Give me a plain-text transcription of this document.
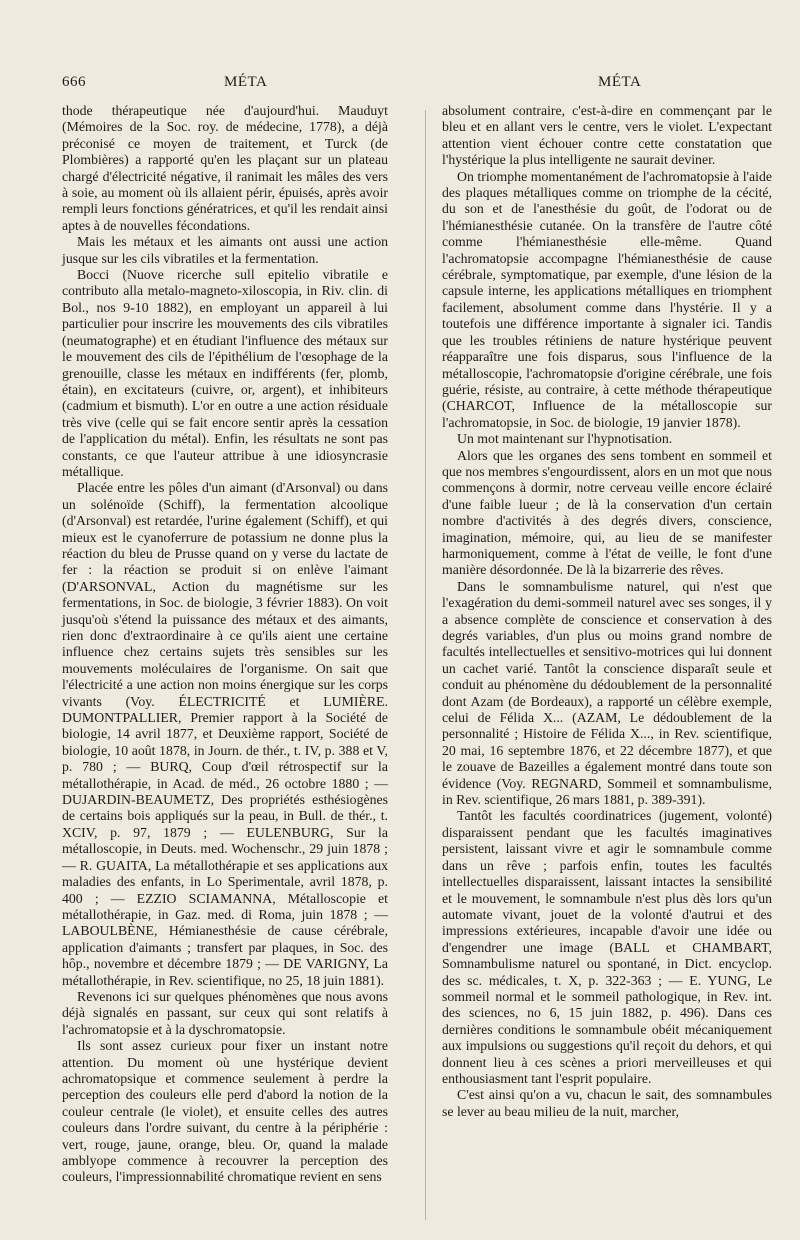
666	MÉTA	MÉTA

thode thérapeutique née d'aujourd'hui. Mauduyt (Mémoires de la Soc. roy. de médecine, 1778), a déjà préconisé ce moyen de traitement, et Turck (de Plombières) a rapporté qu'en les plaçant sur un plateau chargé d'électricité négative, il ranimait les mâles des vers à soie, au moment où ils allaient périr, épuisés, après avoir rempli leurs fonctions génératrices, et qu'il les rendait ainsi aptes à de nouvelles fécondations.

Mais les métaux et les aimants ont aussi une action jusque sur les cils vibratiles et la fermentation.

Bocci (Nuove ricerche sull epitelio vibratile e contributo alla metalo-magneto-xiloscopia, in Riv. clin. di Bol., nos 9-10 1882), en employant un appareil à lui particulier pour inscrire les mouvements des cils vibratiles (neumatographe) et en étudiant l'influence des métaux sur le mouvement des cils de l'épithélium de l'œsophage de la grenouille, classe les métaux en indifférents (fer, plomb, étain), en excitateurs (cuivre, or, argent), et inhibiteurs (cadmium et bismuth). L'or en outre a une action résiduale très vive (celle qui se fait encore sentir après la cessation de l'application du métal). Enfin, les résultats ne sont pas constants, ce que l'auteur attribue à une idiosyncrasie métallique.

Placée entre les pôles d'un aimant (d'Arsonval) ou dans un solénoïde (Schiff), la fermentation alcoolique (d'Arsonval) est retardée, l'urine également (Schiff), et qui mieux est le cyanoferrure de potassium ne donne plus la réaction du bleu de Prusse quand on y verse du lactate de fer : la réaction se produit si on enlève l'aimant (D'ARSONVAL, Action du magnétisme sur les fermentations, in Soc. de biologie, 3 février 1883). On voit jusqu'où s'étend la puissance des métaux et des aimants, rien donc d'extraordinaire à ce qu'ils aient une certaine influence chez certains sujets très sensibles sur les mouvements moléculaires de l'organisme. On sait que l'électricité a une action non moins énergique sur les corps vivants (Voy. ÉLECTRICITÉ et LUMIÈRE. DUMONTPALLIER, Premier rapport à la Société de biologie, 14 avril 1877, et Deuxième rapport, Société de biologie, 10 août 1878, in Journ. de thér., t. IV, p. 388 et V, p. 780 ; — BURQ, Coup d'œil rétrospectif sur la métallothérapie, in Acad. de méd., 26 octobre 1880 ; — DUJARDIN-BEAUMETZ, Des propriétés esthésiogènes de certains bois appliqués sur la peau, in Bull. de thér., t. XCIV, p. 97, 1879 ; — EULENBURG, Sur la métalloscopie, in Deuts. med. Wochenschr., 29 juin 1878 ; — R. GUAITA, La métallothérapie et ses applications aux maladies des enfants, in Lo Sperimentale, avril 1878, p. 400 ; — EZZIO SCIAMANNA, Métalloscopie et métallothérapie, in Gaz. med. di Roma, juin 1878 ; — LABOULBÈNE, Hémianesthésie de cause cérébrale, application d'aimants ; transfert par plaques, in Soc. des hôp., novembre et décembre 1879 ; — DE VARIGNY, La métallothérapie, in Rev. scientifique, no 25, 18 juin 1881).

Revenons ici sur quelques phénomènes que nous avons déjà signalés en passant, sur ceux qui sont relatifs à l'achromatopsie et à la dyschromatopsie.

Ils sont assez curieux pour fixer un instant notre attention. Du moment où une hystérique devient achromatopsique et commence seulement à perdre la perception des couleurs elle perd d'abord la notion de la couleur centrale (le violet), et ensuite celles des autres couleurs dans l'ordre suivant, du centre à la périphérie : vert, rouge, jaune, orange, bleu. Or, quand la malade amblyope commence à recouvrer la perception des couleurs, l'impressionnabilité chromatique revient en sens

absolument contraire, c'est-à-dire en commençant par le bleu et en allant vers le centre, vers le violet. L'expectant attention vient échouer contre cette constatation que l'hystérique la plus intelligente ne saurait deviner.

On triomphe momentanément de l'achromatopsie à l'aide des plaques métalliques comme on triomphe de la cécité, du son et de l'anesthésie du goût, de l'odorat ou de l'hémianesthésie cutanée. On la transfère de l'autre côté comme l'hémianesthésie elle-même. Quand l'achromatopsie accompagne l'hémianesthésie de cause cérébrale, symptomatique, par exemple, d'une lésion de la capsule interne, les applications métalliques en triomphent facilement, absolument comme dans l'hystérie. Il y a toutefois une différence importante à signaler ici. Tandis que les troubles rétiniens de nature hystérique peuvent réapparaître une fois disparus, sous l'influence de la métalloscopie, l'achromatopsie d'origine cérébrale, une fois guérie, résiste, au contraire, à cette méthode thérapeutique (CHARCOT, Influence de la métalloscopie sur l'achromatopsie, in Soc. de biologie, 19 janvier 1878).

Un mot maintenant sur l'hypnotisation.

Alors que les organes des sens tombent en sommeil et que nos membres s'engourdissent, alors en un mot que nous commençons à dormir, notre cerveau veille encore éclairé d'une faible lueur ; de là la conservation d'un certain nombre d'activités à des degrés divers, conscience, imagination, mémoire, qui, au lieu de se manifester harmoniquement, comme à l'état de veille, le font d'une manière désordonnée. De là la bizarrerie des rêves.

Dans le somnambulisme naturel, qui n'est que l'exagération du demi-sommeil naturel avec ses songes, il y a absence complète de conscience et conservation à des degrés variables, d'un plus ou moins grand nombre de facultés intellectuelles et sensitivo-motrices qui lui donnent un cachet varié. Tantôt la conscience disparaît seule et conduit au phénomène du dédoublement de la personnalité dont Azam (de Bordeaux), a rapporté un célèbre exemple, celui de Félida X... (AZAM, Le dédoublement de la personnalité ; Histoire de Félida X..., in Rev. scientifique, 20 mai, 16 septembre 1876, et 22 décembre 1877), et que le zouave de Bazeilles a également montré dans toute son évidence (Voy. REGNARD, Sommeil et somnambulisme, in Rev. scientifique, 26 mars 1881, p. 389-391).

Tantôt les facultés coordinatrices (jugement, volonté) disparaissent pendant que les facultés imaginatives persistent, laissant vivre et agir le somnambule comme dans un rêve ; parfois enfin, toutes les facultés intellectuelles disparaissent, laissant intactes la sensibilité et le mouvement, le somnambule n'est plus dès lors qu'un automate vivant, jouet de la volonté d'autrui et des impressions extérieures, incapable d'avoir une idée ou d'engendrer une image (BALL et CHAMBART, Somnambulisme naturel ou spontané, in Dict. encyclop. des sc. médicales, t. X, p. 322-363 ; — E. YUNG, Le sommeil normal et le sommeil pathologique, in Rev. int. des sciences, no 6, 15 juin 1882, p. 496). Dans ces dernières conditions le somnambule obéit mécaniquement aux impulsions ou suggestions qu'il reçoit du dehors, et qui donnent lieu à ces scènes a priori merveilleuses et qui enthousiasment tant l'esprit populaire.

C'est ainsi qu'on a vu, chacun le sait, des somnambules se lever au beau milieu de la nuit, marcher,
